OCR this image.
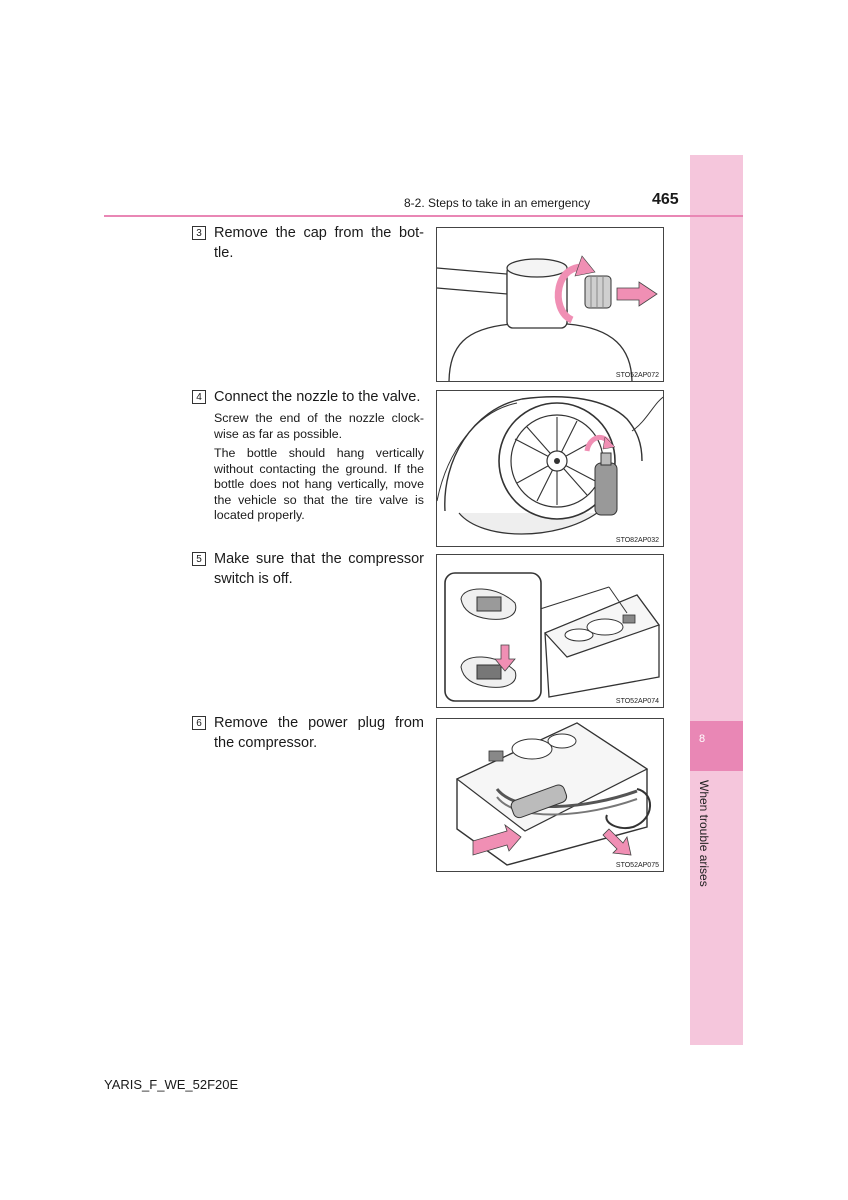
8
When trouble arises
8-2. Steps to take in an emergency	465
3 Remove the cap from the bot-tle.
4 Connect the nozzle to the valve.
Screw the end of the nozzle clock-wise as far as possible.
The bottle should hang vertically without contacting the ground. If the bottle does not hang vertically, move the vehicle so that the tire valve is located properly.
5 Make sure that the compressor switch is off.
6 Remove the power plug from the compressor.
STO52AP072
STO82AP032
STO52AP074
STO52AP075
YARIS_F_WE_52F20E
